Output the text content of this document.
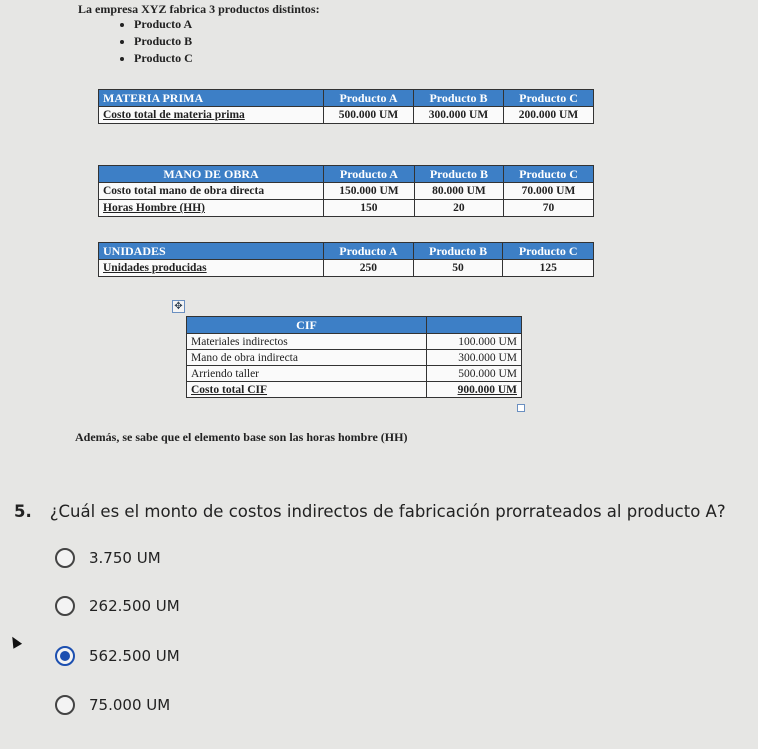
La empresa XYZ fabrica 3 productos distintos:
• Producto A
• Producto B
• Producto C
MATERIA PRIMA	Producto A	Producto B	Producto C
Costo total de materia prima	500.000 UM	300.000 UM	200.000 UM
MANO DE OBRA	Producto A	Producto B	Producto C
Costo total mano de obra directa	150.000 UM	80.000 UM	70.000 UM
Horas Hombre (HH)	150	20	70
UNIDADES	Producto A	Producto B	Producto C
Unidades producidas	250	50	125
✥
CIF	
Materiales indirectos	100.000 UM
Mano de obra indirecta	300.000 UM
Arriendo taller	500.000 UM
Costo total CIF	900.000 UM
Además, se sabe que el elemento base son las horas hombre (HH)
5. ¿Cuál es el monto de costos indirectos de fabricación prorrateados al producto A?
3.750 UM
262.500 UM
562.500 UM
75.000 UM
